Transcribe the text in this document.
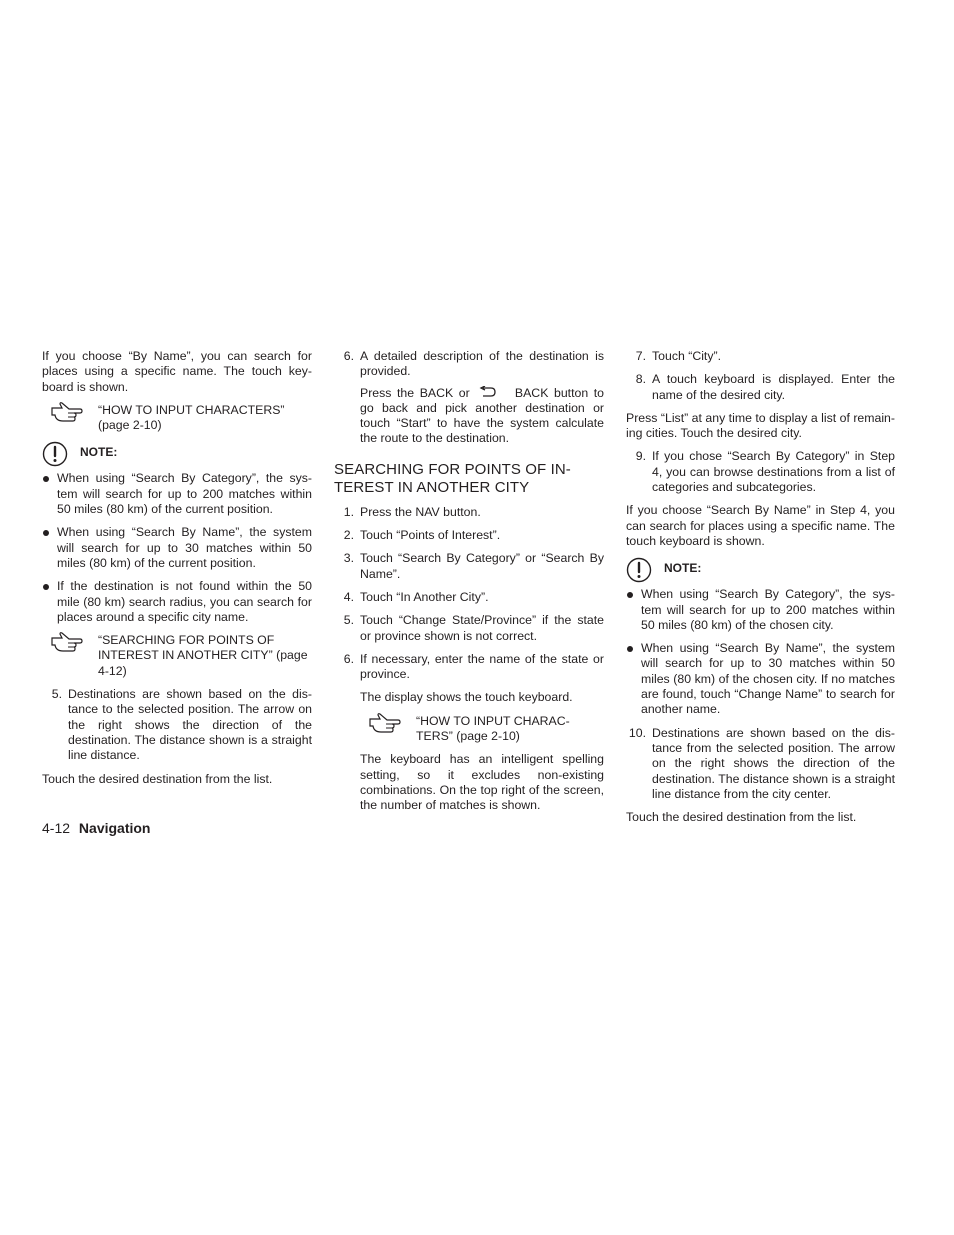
If you choose “By Name”, you can search for places using a specific name. The touch key- board is shown.

“HOW TO INPUT CHARACTERS” (page 2-10)

NOTE:

When using “Search By Category”, the sys- tem will search for up to 200 matches within 50 miles (80 km) of the current position.

When using “Search By Name”, the system will search for up to 30 matches within 50 miles (80 km) of the current position.

If the destination is not found within the 50 mile (80 km) search radius, you can search for places around a specific city name.

“SEARCHING FOR POINTS OF INTEREST IN ANOTHER CITY” (page 4-12)

5. Destinations are shown based on the dis- tance to the selected position. The arrow on the right shows the direction of the destination. The distance shown is a straight line distance.

Touch the desired destination from the list.

6. A detailed description of the destination is provided.

Press the BACK or	BACK button to go back and pick another destination or touch “Start” to have the system calculate the route to the destination.

SEARCHING FOR POINTS OF IN- TEREST IN ANOTHER CITY
1. Press the NAV button.

2. Touch “Points of Interest”.

3. Touch “Search By Category” or “Search By Name”.

4. Touch “In Another City”.

5. Touch “Change State/Province” if the state or province shown is not correct.

6. If necessary, enter the name of the state or province.

The display shows the touch keyboard.

“HOW TO INPUT CHARAC- TERS” (page 2-10)

The keyboard has an intelligent spelling setting, so it excludes non-existing combinations. On the top right of the screen, the number of matches is shown.

7. Touch “City”.

8. A touch keyboard is displayed. Enter the name of the desired city.

Press “List” at any time to display a list of remain- ing cities. Touch the desired city.

9. If you chose “Search By Category” in Step 4, you can browse destinations from a list of categories and subcategories.

If you choose “Search By Name” in Step 4, you can search for places using a specific name. The touch keyboard is shown.

NOTE:

When using “Search By Category”, the sys- tem will search for up to 200 matches within 50 miles (80 km) of the chosen city.

When using “Search By Name”, the system will search for up to 30 matches within 50 miles (80 km) of the chosen city. If no matches are found, touch “Change Name” to search for another name.

10. Destinations are shown based on the dis- tance from the selected position. The arrow on the right shows the direction of the destination. The distance shown is a straight line distance from the city center.

Touch the desired destination from the list.

4-12 Navigation
